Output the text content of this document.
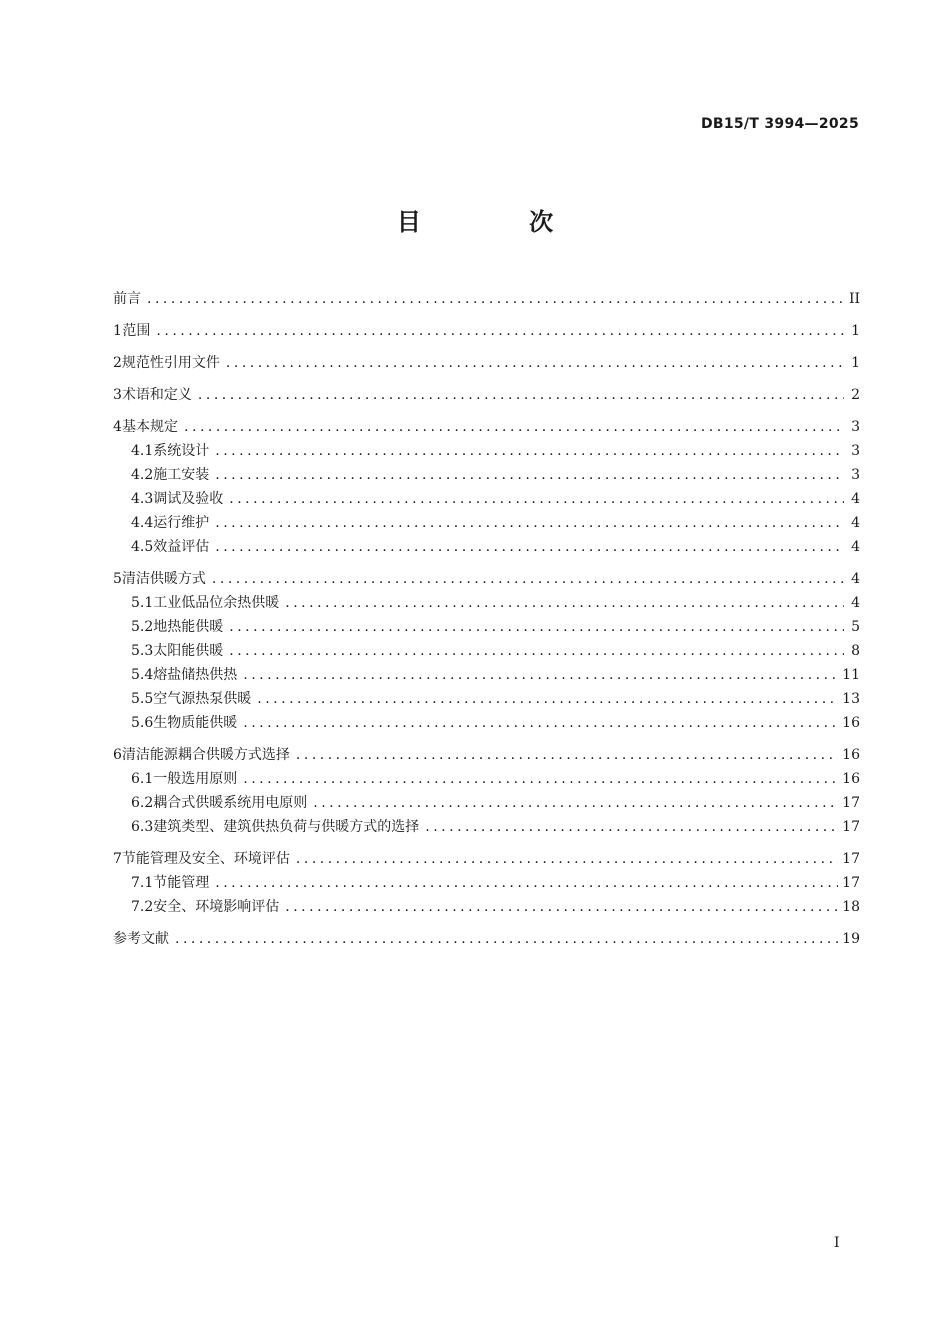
DB15/T 3994—2025
目 次
前言 .....	II
1 范围 .....	1
2 规范性引用文件 .....	1
3 术语和定义 .....	2
4 基本规定 .....	3
4.1 系统设计 .....	3
4.2 施工安装 .....	3
4.3 调试及验收 .....	4
4.4 运行维护 .....	4
4.5 效益评估 .....	4
5 清洁供暖方式 .....	4
5.1 工业低品位余热供暖 .....	4
5.2 地热能供暖 .....	5
5.3 太阳能供暖 .....	8
5.4 熔盐储热供热 .....	11
5.5 空气源热泵供暖 .....	13
5.6 生物质能供暖 .....	16
6 清洁能源耦合供暖方式选择 .....	16
6.1 一般选用原则 .....	16
6.2 耦合式供暖系统用电原则 .....	17
6.3 建筑类型、建筑供热负荷与供暖方式的选择 .....	17
7 节能管理及安全、环境评估 .....	17
7.1 节能管理 .....	17
7.2 安全、环境影响评估 .....	18
参考文献 .....	19
I
